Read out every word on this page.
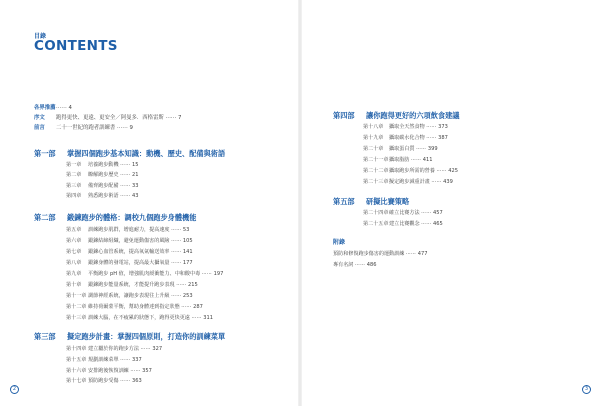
目錄
CONTENTS
各界推薦⋯⋯ 4
序文 跑得更快、更遠、更安全／阿曼多．西格雷斯 ⋯⋯ 7
前言 二十一世紀的跑者訓練書 ⋯⋯ 9
第一部 掌握四個跑步基本知識：動機、歷史、配備與術語
第一章 培養跑步動機 ⋯⋯ 15
第二章 瞭解跑步歷史 ⋯⋯ 21
第三章 備齊跑步配備 ⋯⋯ 33
第四章 熟悉跑步術語 ⋯⋯ 43
第二部 鍛鍊跑步的體格：調校九個跑步身體機能
第五章 訓練跑步肌群，增進耐力，提高速度 ⋯⋯ 53
第六章 鍛鍊結締組織，避免運動傷害的風險 ⋯⋯ 105
第七章 鍛鍊心血管系統，提高氧氣輸送效率 ⋯⋯ 141
第八章 鍛鍊身體的發電站，提高最大攝氧量 ⋯⋯ 177
第九章 平衡跑步 pH 值，增強肌肉緩衝能力、中和酸中毒 ⋯⋯ 197
第十章 鍛鍊跑步能量系統，才能提升跑步表現 ⋯⋯ 215
第十一章 調節神經系統，讓跑步表現往上升級 ⋯⋯ 253
第十二章 維持荷爾蒙平衡，幫助身體達到指定狀態 ⋯⋯ 287
第十三章 訓練大腦，在不疲累的狀態下，跑得更快更遠 ⋯⋯ 311
第三部 擬定跑步計畫：掌握四個原則，打造你的訓練菜單
第十四章 建立屬於你的跑步方法 ⋯⋯ 327
第十五章 規劃訓練菜單 ⋯⋯ 337
第十六章 安排跑後恢復訓練 ⋯⋯ 357
第十七章 預防跑步受傷 ⋯⋯ 363
2
第四部 讓你跑得更好的六項飲食建議
第十八章 攝取全天然食物 ⋯⋯ 373
第十九章 攝取碳水化合物 ⋯⋯ 387
第二十章 攝取蛋白質 ⋯⋯ 399
第二十一章攝取脂肪 ⋯⋯ 411
第二十二章攝取跑步所需的營養 ⋯⋯ 425
第二十三章擬定跑步減重計畫 ⋯⋯ 439
第五部 研擬比賽策略
第二十四章確立比賽方法 ⋯⋯ 457
第二十五章建立比賽觀念 ⋯⋯ 465
附錄
預防和修復跑步傷害的運動訓練 ⋯⋯ 477
專有名詞 ⋯⋯ 486
3
